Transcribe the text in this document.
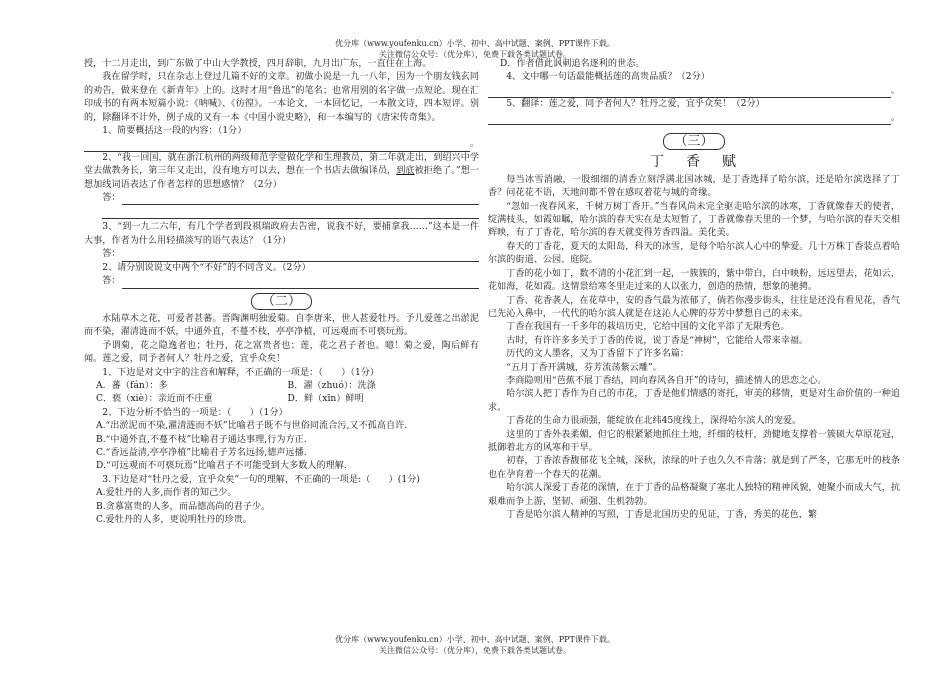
优分库（www.youfenku.cn）小学、初中、高中试题、案例、PPT课件下载。
关注微信公众号：（优分库），免费下载各类试题试卷。

授，十二月走出，到广东做了中山大学教授，四月辞职，九月出广东，一直住在上海。

我在留学时，只在杂志上登过几篇不好的文章。初做小说是一九一八年，因为一个朋友钱玄同的劝告，做来登在《新青年》上的。这时才用“鲁迅”的笔名；也常用别的名字做一点短论。现在汇印成书的有两本短篇小说：《呐喊》、《彷徨》。一本论文，一本回忆记，一本散文诗，四本短评。别的，除翻译不计外，例子成的又有一本《中国小说史略》，和一本编写的《唐宋传奇集》。

1、简要概括这一段的内容：（1分）

。

2、“我一回国，就在浙江杭州的两级师范学堂做化学和生理教员，第二年就走出，到绍兴中学堂去做教务长，第三年又走出，没有地方可以去，想在一个书店去做编译员，到底被拒绝了。”想一想加线词语表达了作者怎样的思想感情？（2分）

答：

3、“到一九二六年，有几个学者到段祺瑞政府去告密，说我不好，要捕拿我……”这本是一件大事，作者为什么用轻描淡写的语气表达？（1分）

答：

2、请分别说说文中两个“不好”的不同含义。（2分）

答：
（二）

水陆草木之花，可爱者甚蕃。晋陶渊明独爱菊。自李唐来，世人甚爱牡丹。予几爱莲之出淤泥而不染，濯清涟而不妖，中通外直，不蔓不枝，亭亭净植，可远观而不可亵玩焉。

予谓菊，花之隐逸者也；牡丹，花之富贵者也；莲，花之君子者也。噫！菊之爱，陶后鲜有闻。莲之爱，同予者何人？牡丹之爱，宜乎众矣！

1、下边是对文中字的注音和解释，不正确的一项是：（　　）（1分）

A．蕃（fán）：多	B．濯（zhuó）：洗涤
C．亵（xiè）：亲近而不庄重	D．鲜（xīn）鲜明

2、下边分析不恰当的一项是：（　　）（1分）

A.“出淤泥而不染,濯清涟而不妖”比喻君子既不与世俗同流合污,又不孤高自许.

B.“中通外直,不蔓不枝”比喻君子通达事理,行为方正.

C.“香远益清,亭亭净植”比喻君子芳名远扬,德声远播.

D.“可远观而不可亵玩焉”比喻君子不可能受到大多数人的理解.

3.下边是对“牡丹之爱，宜乎众矣”一句的理解，不正确的一项是:（　　）(1分)

A.爱牡丹的人多,而作者的知己少。

B.贪慕富贵的人多，而品德高尚的君子少。

C.爱牡丹的人多，更说明牡丹的珍贵。

D．作者借此讽刺追名逐利的世态。

4、文中哪一句话最能概括莲的高贵品质？（2分）

。

5、翻译：莲之爱，同予者何人？牡丹之爱，宜乎众矣！（2分）

。
（三）
丁香赋

每当冰雪消融，一股细细的清香立刻浮满北国冰城，是丁香选择了哈尔滨，还是哈尔滨选择了丁香？问花花不语，天地间都不曾在感叹着花与城的奇缘。

“忽如一夜春风来，千树万树丁香开。”当春风尚未完全驱走哈尔滨的冰寒，丁香就像春天的使者，绽满枝头，如霞如瞩，哈尔滨的春天实在是太短暂了，丁香就像春天里的一个梦，与哈尔滨的春天交相辉映，有了丁香花，哈尔滨的春天就变得芳香四溢。美化美。

春天的丁香花，夏天的太阳岛，科天的冰雪，是每个哈尔滨人心中的挚爱。几十万株丁香装点着哈尔滨的街道、公园、庭院。

丁香的花小如丁，数不清的小花汇到一起，一簇簇的，紫中带白，白中映粉，远远望去，花如云，花如海，花如霞。这情景给寒冬里走过来的人以张力，创造的热情，想象的驰骋。

丁香、花香袭人，在花草中，安的香气最为浓郁了，倘若你漫步街头，往往是还没有看见花，香气已先沁入鼻中，一代代的哈尔滨人就是在这沁人心脾的芬芳中梦想自己的未来。

丁香在我国有一千多年的栽培历史，它给中国的文化平添了无限秀色。

古时，有许许多多关于丁香的传说，说丁香是“神树”，它能给人带来幸福。

历代的文人墨客，又为丁香留下了许多名篇：

“五月丁香开满城，芬芳流荡紫云雕”。

李商隐则用“芭蕉不展丁香结，同向春风各自开”的诗句，描述情人的思恋之心。

哈尔滨人把丁香作为自己的市花，丁香是他们情感的寄托，审美的移情，更是对生命价值的一种追求。

丁香花的生命力很顽强，能绽放在北纬45度线上，深得哈尔滨人的宠爱。

这里的丁香外表柔媚，但它的根紧紧地抓住土地，纤细的枝杆，劲健地支撑着一簇硕大草原花冠，抵御着北方的风寒和干旱。

初春，丁香浓香馥郁花飞全城，深秋，浓绿的叶子也久久不肯落；就是到了严冬，它那无叶的枝条也在孕育着一个春天的花潮。

哈尔滨人深爱丁香花的深情，在于丁香的品格凝聚了塞北人独特的精神风貌，她聚小而成大气，抗艰难而争上游，坚韧、顽强、生机勃勃。

丁香是哈尔滨人精神的写照，丁香是北国历史的见证，丁香，秀美的花色，繁

优分库（www.youfenku.cn）小学、初中、高中试题、案例、PPT课件下载。
关注微信公众号：（优分库），免费下载各类试题试卷。
